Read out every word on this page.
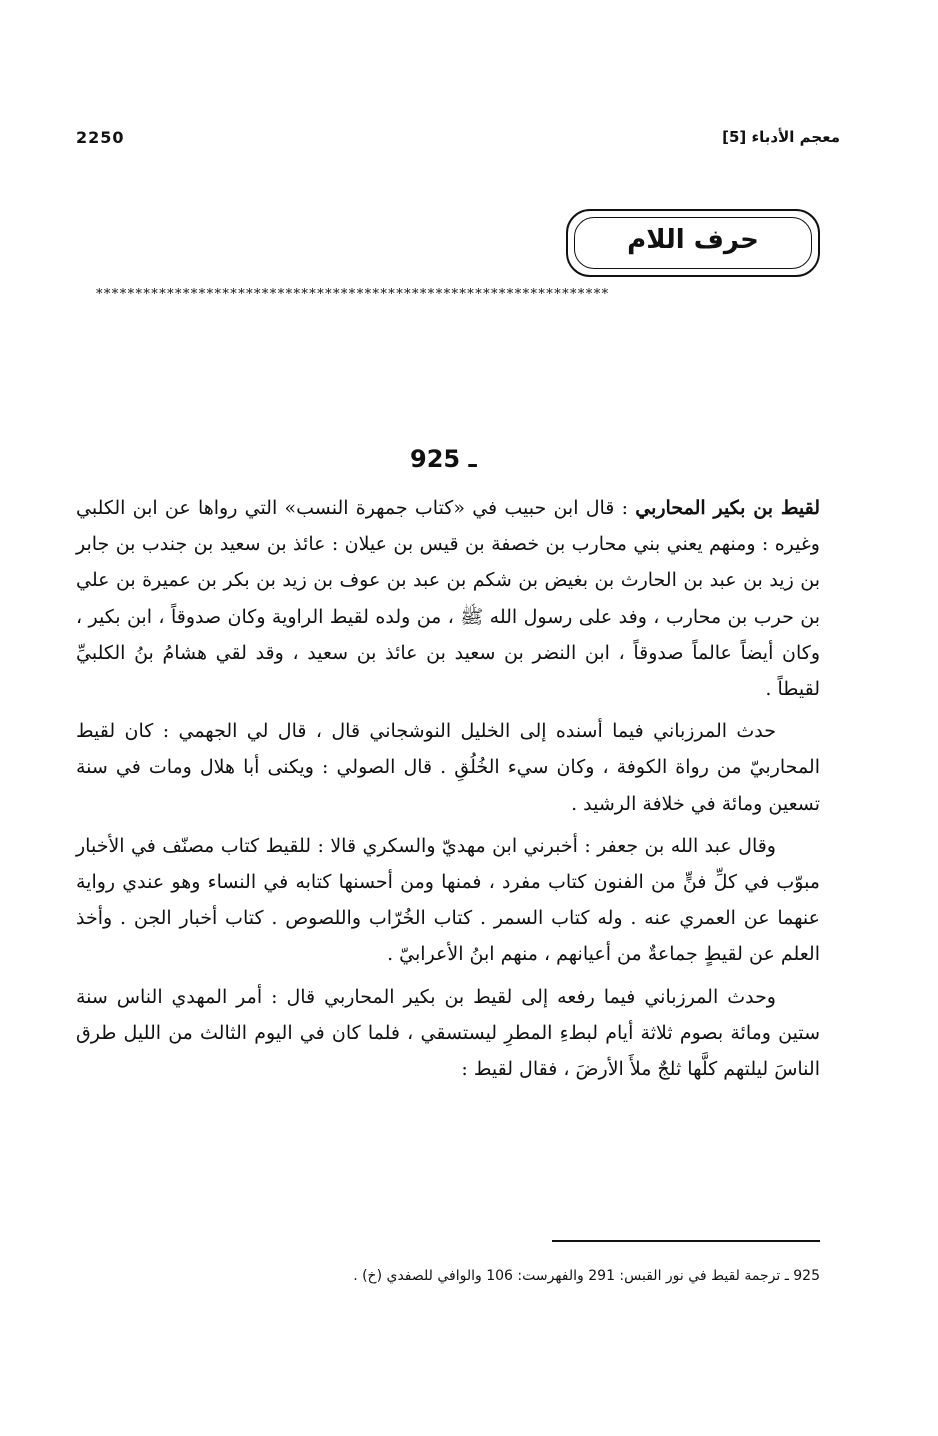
2250	معجم الأدباء [5]
حرف اللام
*****************************************************************
925 ـ

لقيط بن بكير المحاربي : قال ابن حبيب في «كتاب جمهرة النسب» التي رواها عن ابن الكلبي وغيره : ومنهم يعني بني محارب بن خصفة بن قيس بن عيلان : عائذ بن سعيد بن جندب بن جابر بن زيد بن عبد بن الحارث بن بغيض بن شكم بن عبد بن عوف بن زيد بن بكر بن عميرة بن علي بن حرب بن محارب ، وفد على رسول الله ﷺ ، من ولده لقيط الراوية وكان صدوقاً ، ابن بكير ، وكان أيضاً عالماً صدوقاً ، ابن النضر بن سعيد بن عائذ بن سعيد ، وقد لقي هشامُ بنُ الكلبيِّ لقيطاً .

حدث المرزباني فيما أسنده إلى الخليل النوشجاني قال ، قال لي الجهمي : كان لقيط المحاربيّ من رواة الكوفة ، وكان سيء الخُلُقِ . قال الصولي : ويكنى أبا هلال ومات في سنة تسعين ومائة في خلافة الرشيد .

وقال عبد الله بن جعفر : أخبرني ابن مهديّ والسكري قالا : للقيط كتاب مصنّف في الأخبار مبوّب في كلِّ فنٍّ من الفنون كتاب مفرد ، فمنها ومن أحسنها كتابه في النساء وهو عندي رواية عنهما عن العمري عنه . وله كتاب السمر . كتاب الخُرّاب واللصوص . كتاب أخبار الجن . وأخذ العلم عن لقيطٍ جماعةٌ من أعيانهم ، منهم ابنُ الأعرابيّ .

وحدث المرزباني فيما رفعه إلى لقيط بن بكير المحاربي قال : أمر المهدي الناس سنة ستين ومائة بصوم ثلاثة أيام لبطءِ المطرِ ليستسقي ، فلما كان في اليوم الثالث من الليل طرق الناسَ ليلتهم كلَّها ثلجٌ ملأَ الأرضَ ، فقال لقيط :

925 ـ ترجمة لقيط في نور القبس: 291 والفهرست: 106 والوافي للصفدي (خ) .
